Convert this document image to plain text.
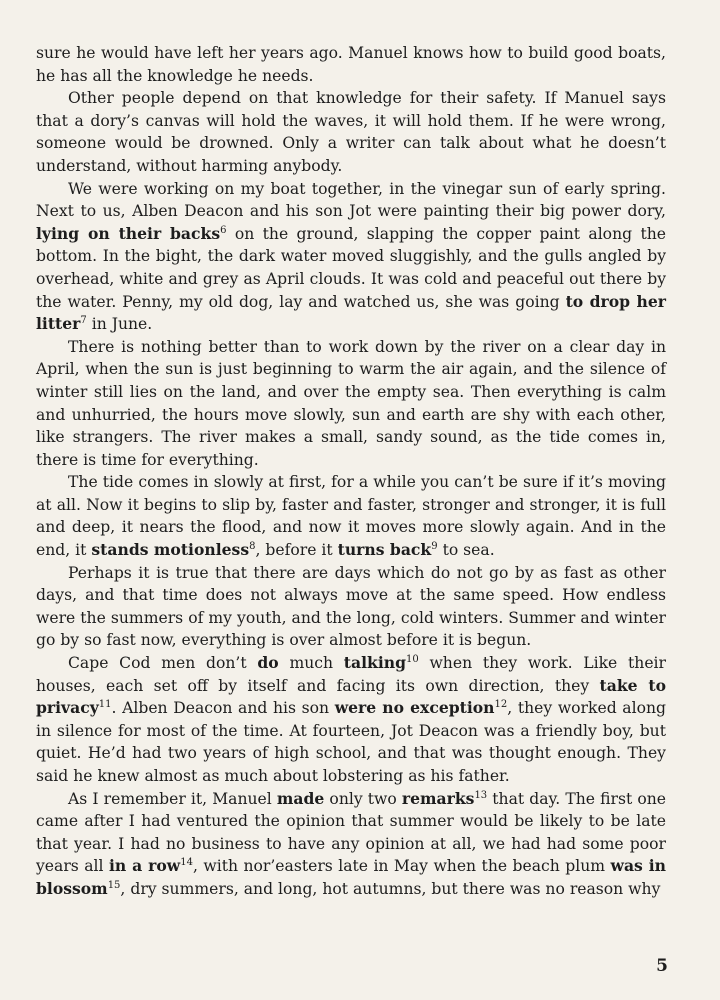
sure he would have left her years ago. Manuel knows how to build good boats, he has all the knowledge he needs.

Other people depend on that knowledge for their safety. If Manuel says that a dory’s canvas will hold the waves, it will hold them. If he were wrong, someone would be drowned. Only a writer can talk about what he doesn’t understand, without harming anybody.

We were working on my boat together, in the vinegar sun of early spring. Next to us, Alben Deacon and his son Jot were painting their big power dory, lying on their backs$^6$ on the ground, slapping the copper paint along the bottom. In the bight, the dark water moved sluggishly, and the gulls angled by overhead, white and grey as April clouds. It was cold and peaceful out there by the water. Penny, my old dog, lay and watched us, she was going to drop her litter$^7$ in June.

There is nothing better than to work down by the river on a clear day in April, when the sun is just beginning to warm the air again, and the silence of winter still lies on the land, and over the empty sea. Then everything is calm and unhurried, the hours move slowly, sun and earth are shy with each other, like strangers. The river makes a small, sandy sound, as the tide comes in, there is time for everything.

The tide comes in slowly at first, for a while you can’t be sure if it’s moving at all. Now it begins to slip by, faster and faster, stronger and stronger, it is full and deep, it nears the flood, and now it moves more slowly again. And in the end, it stands motionless$^8$, before it turns back$^9$ to sea.

Perhaps it is true that there are days which do not go by as fast as other days, and that time does not always move at the same speed. How endless were the summers of my youth, and the long, cold winters. Summer and winter go by so fast now, everything is over almost before it is begun.

Cape Cod men don’t do much talking$^{10}$ when they work. Like their houses, each set off by itself and facing its own direction, they take to privacy$^{11}$. Alben Deacon and his son were no exception$^{12}$, they worked along in silence for most of the time. At fourteen, Jot Deacon was a friendly boy, but quiet. He’d had two years of high school, and that was thought enough. They said he knew almost as much about lobstering as his father.

As I remember it, Manuel made only two remarks$^{13}$ that day. The first one came after I had ventured the opinion that summer would be likely to be late that year. I had no business to have any opinion at all, we had had some poor years all in a row$^{14}$, with nor’easters late in May when the beach plum was in blossom$^{15}$, dry summers, and long, hot autumns, but there was no reason why

5
